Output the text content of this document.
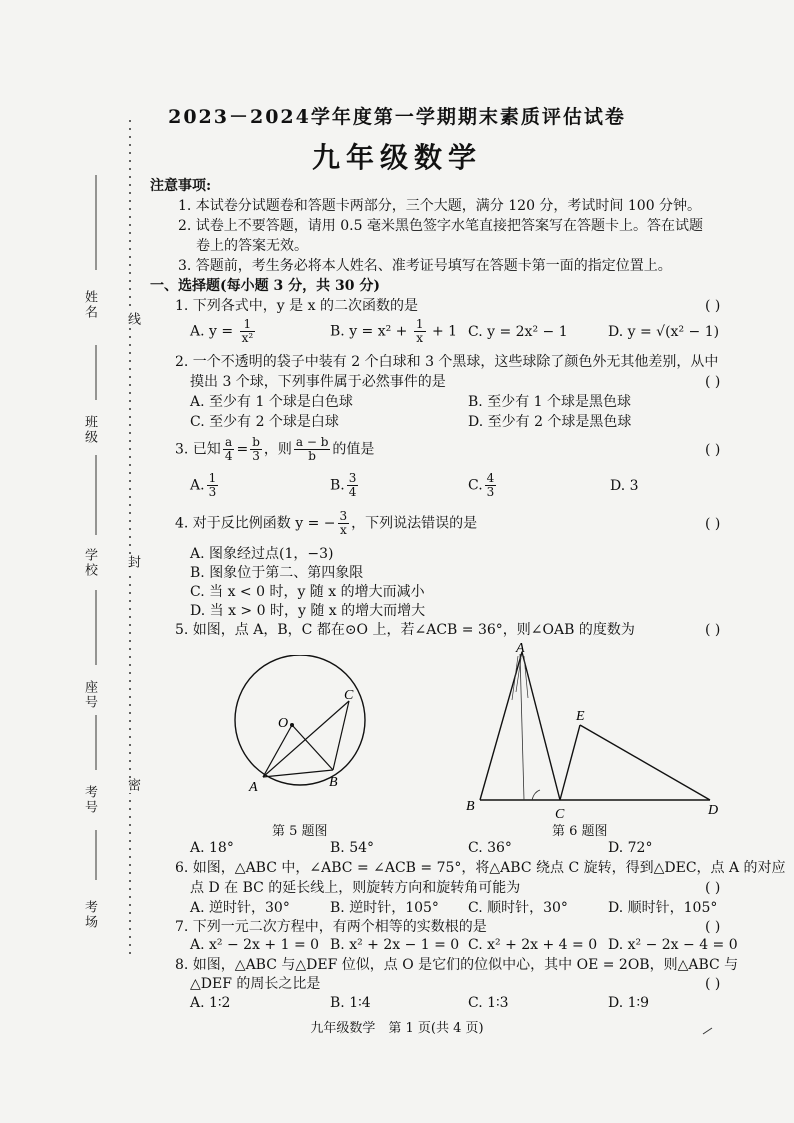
姓名
班级
学校
座号
考号
考场
线
封
密
2023－2024学年度第一学期期末素质评估试卷
九年级数学
注意事项:
1. 本试卷分试题卷和答题卡两部分，三个大题，满分 120 分，考试时间 100 分钟。
2. 试卷上不要答题，请用 0.5 毫米黑色签字水笔直接把答案写在答题卡上。答在试题
卷上的答案无效。
3. 答题前，考生务必将本人姓名、准考证号填写在答题卡第一面的指定位置上。
一、选择题(每小题 3 分，共 30 分)
1. 下列各式中，y 是 x 的二次函数的是	( )
A. $y = \frac{1}{\text{x²}}$	B. $y = x^2 + \frac{1}{x} + 1$ C. y = 2x² − 1	D. y = √(x² − 1)
2. 一个不透明的袋子中装有 2 个白球和 3 个黑球，这些球除了颜色外无其他差别，从中
摸出 3 个球，下列事件属于必然事件的是	( )
A. 至少有 1 个球是白色球	B. 至少有 1 个球是黑色球
C. 至少有 2 个球是白球	D. 至少有 2 个球是黑色球
3. 已知 $\frac{a}{4} = \frac{b}{3}$ ，则 $\frac{a - b}{b}$ 的值是	( )
A. $\frac{1}{3}$	B. $\frac{3}{4}$	C. $\frac{4}{3}$	D. 3
4. 对于反比例函数 y = − $\frac{3}{x}$ ，下列说法错误的是	( )
A. 图象经过点(1，−3)
B. 图象位于第二、第四象限
C. 当 x < 0 时，y 随 x 的增大而减小
D. 当 x > 0 时，y 随 x 的增大而增大
5. 如图，点 A，B，C 都在⊙O 上，若∠ACB = 36°，则∠OAB 的度数为	( )
O
A	B
C
第 5 题图
A
B
C	D
E
第 6 题图
A. 18°	B. 54°	C. 36°	D. 72°
6. 如图，△ABC 中，∠ABC = ∠ACB = 75°，将△ABC 绕点 C 旋转，得到△DEC，点 A 的对应
点 D 在 BC 的延长线上，则旋转方向和旋转角可能为	( )
A. 逆时针，30°	B. 逆时针，105° C. 顺时针，30°	D. 顺时针，105°
7. 下列一元二次方程中，有两个相等的实数根的是	( )
A. x² − 2x + 1 = 0 B. x² + 2x − 1 = 0 C. x² + 2x + 4 = 0 D. x² − 2x − 4 = 0
8. 如图，△ABC 与△DEF 位似，点 O 是它们的位似中心，其中 OE = 2OB，则△ABC 与
△DEF 的周长之比是	( )
A. 1∶2	B. 1∶4	C. 1∶3	D. 1∶9
九年级数学　第 1 页(共 4 页)
